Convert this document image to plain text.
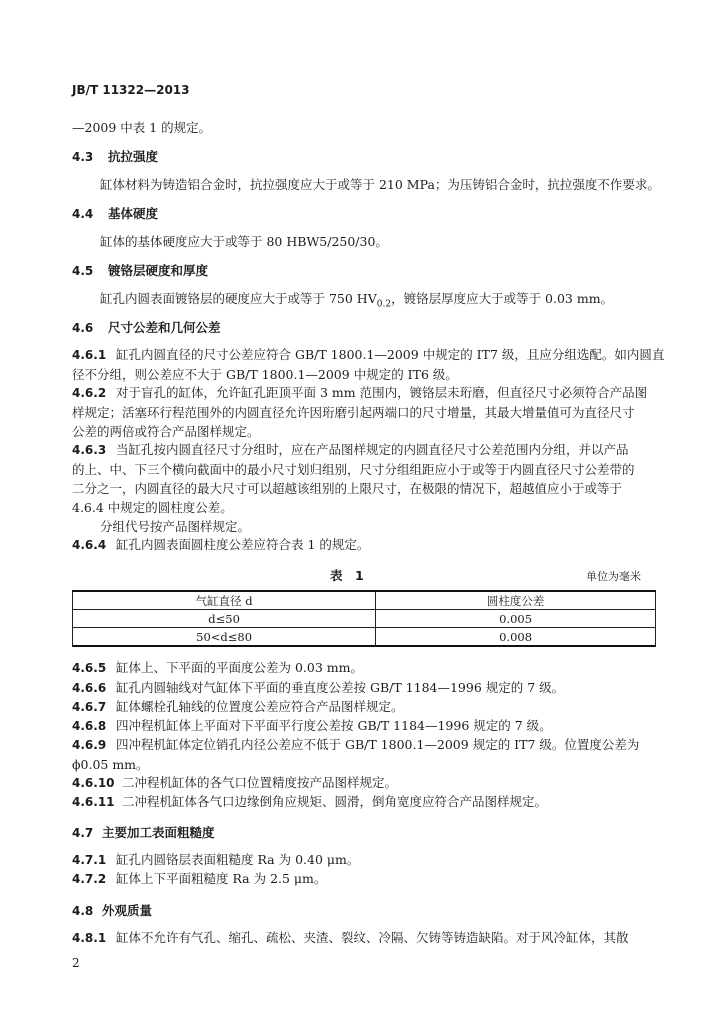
JB/T 11322—2013
—2009 中表 1 的规定。
4.3 抗拉强度
缸体材料为铸造铝合金时，抗拉强度应大于或等于 210 MPa；为压铸铝合金时，抗拉强度不作要求。
4.4 基体硬度
缸体的基体硬度应大于或等于 80 HBW5/250/30。
4.5 镀铬层硬度和厚度
缸孔内圆表面镀铬层的硬度应大于或等于 750 $HV_{0.2}$，镀铬层厚度应大于或等于 0.03 mm。
4.6 尺寸公差和几何公差
4.6.1 缸孔内圆直径的尺寸公差应符合 GB/T 1800.1—2009 中规定的 IT7 级，且应分组选配。如内圆直
径不分组，则公差应不大于 GB/T 1800.1—2009 中规定的 IT6 级。
4.6.2 对于盲孔的缸体，允许缸孔距顶平面 3 mm 范围内，镀铬层未珩磨，但直径尺寸必须符合产品图
样规定；活塞环行程范围外的内圆直径允许因珩磨引起两端口的尺寸增量，其最大增量值可为直径尺寸
公差的两倍或符合产品图样规定。
4.6.3 当缸孔按内圆直径尺寸分组时，应在产品图样规定的内圆直径尺寸公差范围内分组，并以产品
的上、中、下三个横向截面中的最小尺寸划归组别，尺寸分组组距应小于或等于内圆直径尺寸公差带的
二分之一，内圆直径的最大尺寸可以超越该组别的上限尺寸，在极限的情况下，超越值应小于或等于
4.6.4 中规定的圆柱度公差。
分组代号按产品图样规定。
4.6.4 缸孔内圆表面圆柱度公差应符合表 1 的规定。
表　1	单位为毫米
气缸直径 d	圆柱度公差
d≤50	0.005
50<d≤80	0.008
4.6.5 缸体上、下平面的平面度公差为 0.03 mm。
4.6.6 缸孔内圆轴线对气缸体下平面的垂直度公差按 GB/T 1184—1996 规定的 7 级。
4.6.7 缸体螺栓孔轴线的位置度公差应符合产品图样规定。
4.6.8 四冲程机缸体上平面对下平面平行度公差按 GB/T 1184—1996 规定的 7 级。
4.6.9 四冲程机缸体定位销孔内径公差应不低于 GB/T 1800.1—2009 规定的 IT7 级。位置度公差为
ϕ0.05 mm。
4.6.10 二冲程机缸体的各气口位置精度按产品图样规定。
4.6.11 二冲程机缸体各气口边缘倒角应规矩、圆滑，倒角宽度应符合产品图样规定。
4.7 主要加工表面粗糙度
4.7.1 缸孔内圆铬层表面粗糙度 Ra 为 0.40 μm。
4.7.2 缸体上下平面粗糙度 Ra 为 2.5 μm。
4.8 外观质量
4.8.1 缸体不允许有气孔、缩孔、疏松、夹渣、裂纹、冷隔、欠铸等铸造缺陷。对于风冷缸体，其散
2
